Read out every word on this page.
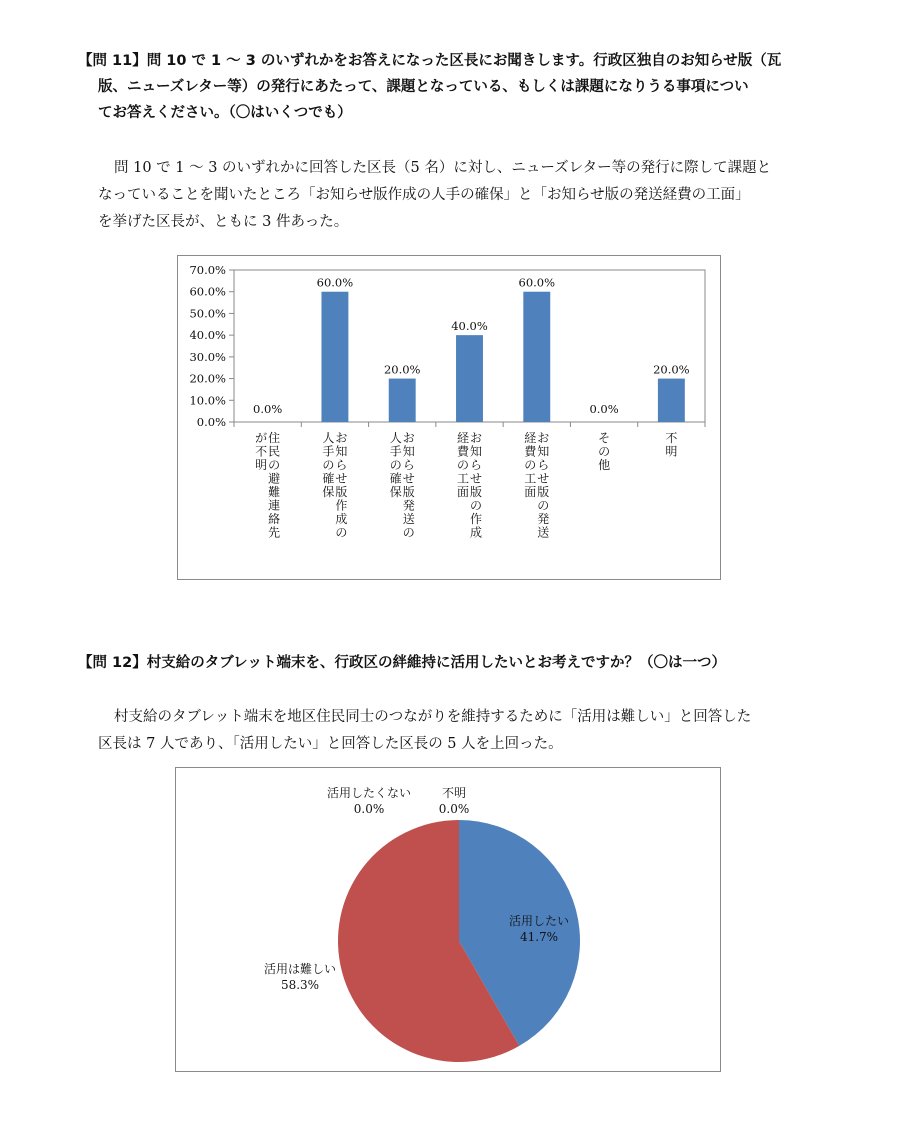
【問 11】問 10 で 1 ～ 3 のいずれかをお答えになった区長にお聞きします。行政区独自のお知らせ版（瓦
版、ニューズレター等）の発行にあたって、課題となっている、もしくは課題になりうる事項につい
てお答えください。（〇はいくつでも）
問 10 で 1 ～ 3 のいずれかに回答した区長（5 名）に対し、ニューズレター等の発行に際して課題と
なっていることを聞いたところ「お知らせ版作成の人手の確保」と「お知らせ版の発送経費の工面」
を挙げた区長が、ともに 3 件あった。
0.0%
10.0%
20.0%
30.0%
40.0%
50.0%
60.0%
70.0%
0.0%
住
民
の
避
難
連
絡
先
が
不
明
60.0%
お
知
ら
せ
版
作
成
の
人
手
の
確
保
20.0%
お
知
ら
せ
版
発
送
の
人
手
の
確
保
40.0%
お
知
ら
せ
版
の
作
成
経
費
の
工
面
60.0%
お
知
ら
せ
版
の
発
送
経
費
の
工
面
0.0%
そ
の
他
20.0%
不
明
【問 12】村支給のタブレット端末を、行政区の絆維持に活用したいとお考えですか？（〇は一つ）
村支給のタブレット端末を地区住民同士のつながりを維持するために「活用は難しい」と回答した
区長は 7 人であり、「活用したい」と回答した区長の 5 人を上回った。
活用したい
41.7%
活用は難しい
58.3%
活用したくない
0.0%
不明
0.0%
